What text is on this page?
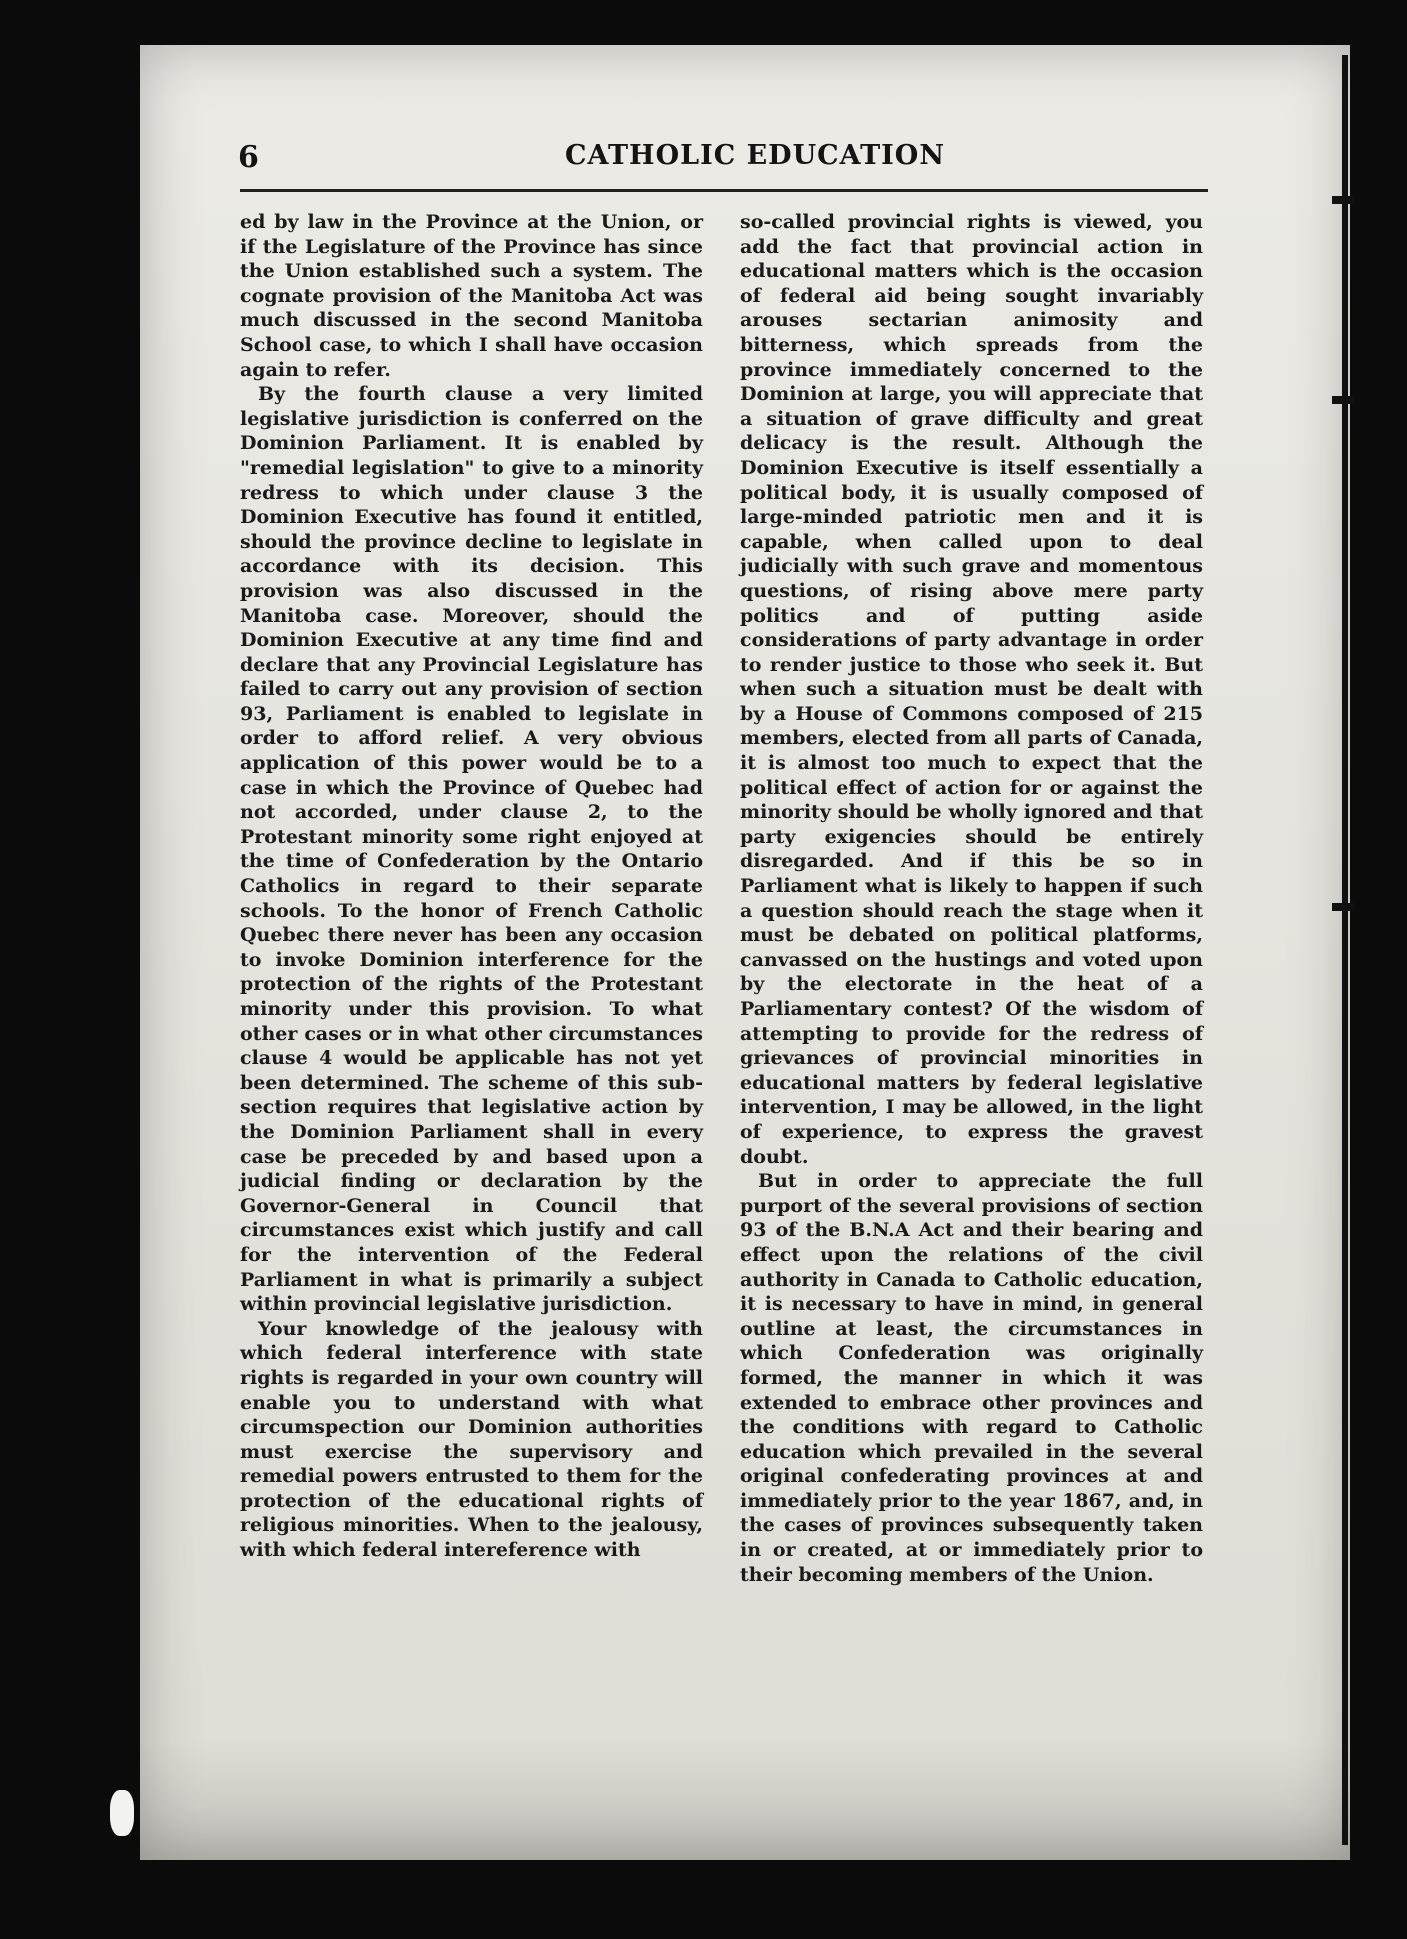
6	CATHOLIC EDUCATION

ed by law in the Province at the Union, or if the Legislature of the Province has since the Union established such a system. The cognate provision of the Manitoba Act was much discussed in the second Manitoba School case, to which I shall have occasion again to refer.

By the fourth clause a very limited legislative jurisdiction is conferred on the Dominion Parliament. It is enabled by "remedial legislation" to give to a minority redress to which under clause 3 the Dominion Executive has found it entitled, should the province decline to legislate in accordance with its decision. This provision was also discussed in the Manitoba case. Moreover, should the Dominion Executive at any time find and declare that any Provincial Legislature has failed to carry out any provision of section 93, Parliament is enabled to legislate in order to afford relief. A very obvious application of this power would be to a case in which the Province of Quebec had not accorded, under clause 2, to the Protestant minority some right enjoyed at the time of Confederation by the Ontario Catholics in regard to their separate schools. To the honor of French Catholic Quebec there never has been any occasion to invoke Dominion interference for the protection of the rights of the Protestant minority under this provision. To what other cases or in what other circumstances clause 4 would be applicable has not yet been determined. The scheme of this sub-section requires that legislative action by the Dominion Parliament shall in every case be preceded by and based upon a judicial finding or declaration by the Governor-General in Council that circumstances exist which justify and call for the intervention of the Federal Parliament in what is primarily a subject within provincial legislative jurisdiction.

Your knowledge of the jealousy with which federal interference with state rights is regarded in your own country will enable you to understand with what circumspection our Dominion authorities must exercise the supervisory and remedial powers entrusted to them for the protection of the educational rights of religious minorities. When to the jealousy, with which federal intereference with

so-called provincial rights is viewed, you add the fact that provincial action in educational matters which is the occasion of federal aid being sought invariably arouses sectarian animosity and bitterness, which spreads from the province immediately concerned to the Dominion at large, you will appreciate that a situation of grave difficulty and great delicacy is the result. Although the Dominion Executive is itself essentially a political body, it is usually composed of large-minded patriotic men and it is capable, when called upon to deal judicially with such grave and momentous questions, of rising above mere party politics and of putting aside considerations of party advantage in order to render justice to those who seek it. But when such a situation must be dealt with by a House of Commons composed of 215 members, elected from all parts of Canada, it is almost too much to expect that the political effect of action for or against the minority should be wholly ignored and that party exigencies should be entirely disregarded. And if this be so in Parliament what is likely to happen if such a question should reach the stage when it must be debated on political platforms, canvassed on the hustings and voted upon by the electorate in the heat of a Parliamentary contest? Of the wisdom of attempting to provide for the redress of grievances of provincial minorities in educational matters by federal legislative intervention, I may be allowed, in the light of experience, to express the gravest doubt.

But in order to appreciate the full purport of the several provisions of section 93 of the B.N.A Act and their bearing and effect upon the relations of the civil authority in Canada to Catholic education, it is necessary to have in mind, in general outline at least, the circumstances in which Confederation was originally formed, the manner in which it was extended to embrace other provinces and the conditions with regard to Catholic education which prevailed in the several original confederating provinces at and immediately prior to the year 1867, and, in the cases of provinces subsequently taken in or created, at or immediately prior to their becoming members of the Union.
